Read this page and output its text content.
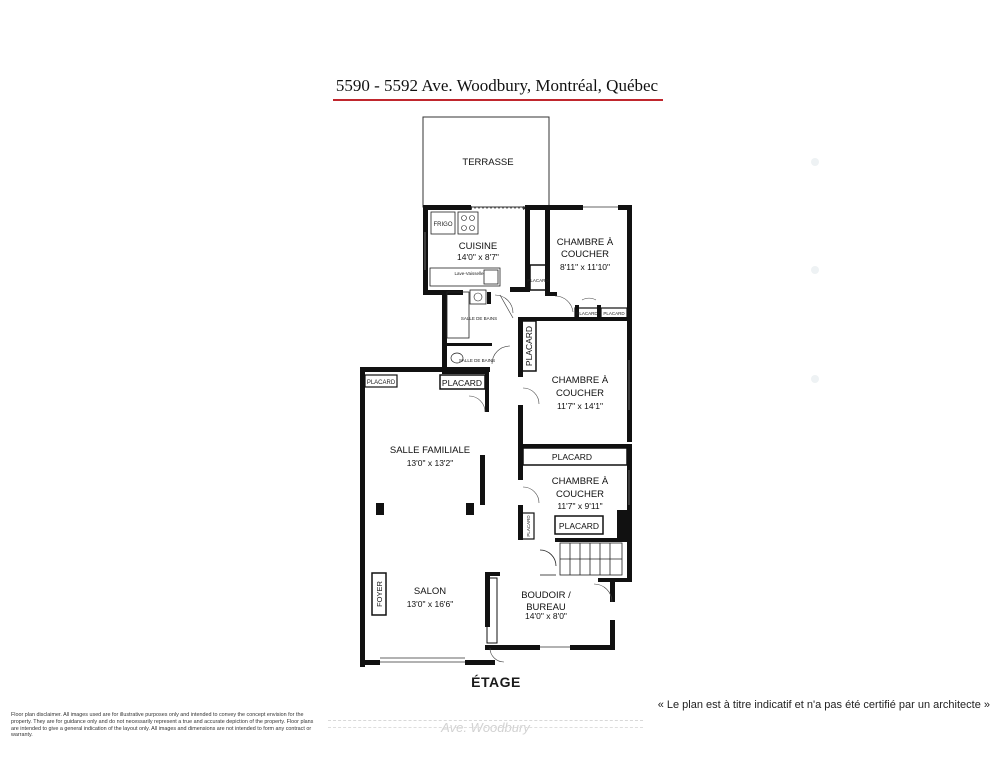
5590 - 5592 Ave. Woodbury, Montréal, Québec
TERRASSE
FRIGO
Lave-Vaisselle
CUISINE
14'0" x 8'7"
CHAMBRE À
COUCHER
8'11" x 11'10"
PLACARD
PLACARD PLACARD
SALLE DE BAINS
SALLE DE BAINS	PLACARD
CHAMBRE À
COUCHER
11'7" x 14'1"
PLACARD
CHAMBRE À
COUCHER
11'7" x 9'11"
PLACARD
PLACARD
PLACARD	PLACARD
SALLE FAMILIALE
13'0" x 13'2"
SALON
13'0" x 16'6"
FOYER	BOUDOIR /
BUREAU
14'0" x 8'0"
ÉTAGE
« Le plan est à titre indicatif et n'a pas été certifié par un architecte »
Floor plan disclaimer. All images used are for illustrative purposes only and intended to convey the concept envision for the property. They are for guidance only and do not necessarily represent a true and accurate depiction of the property. Floor plans are intended to give a general indication of the layout only. All images and dimensions are not intended to form any contract or warranty.
Ave. Woodbury
